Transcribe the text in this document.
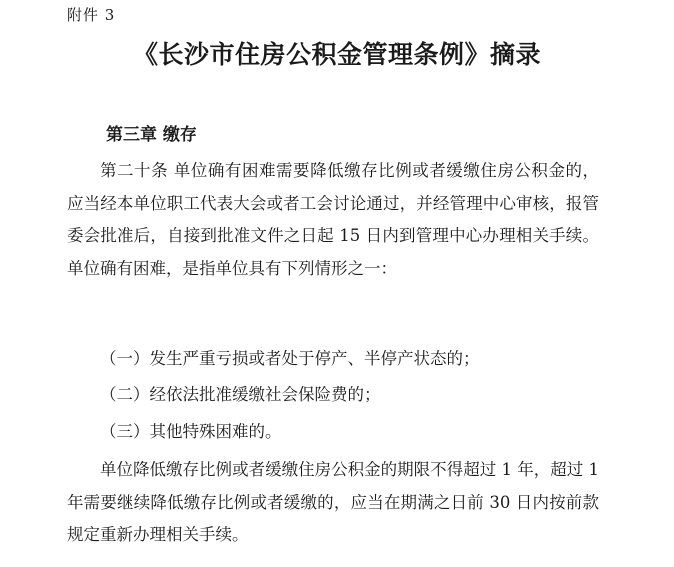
附件 3
《长沙市住房公积金管理条例》摘录
第三章 缴存

第二十条 单位确有困难需要降低缴存比例或者缓缴住房公积金的，应当经本单位职工代表大会或者工会讨论通过，并经管理中心审核，报管委会批准后，自接到批准文件之日起 15 日内到管理中心办理相关手续。单位确有困难，是指单位具有下列情形之一：

（一）发生严重亏损或者处于停产、半停产状态的；

（二）经依法批准缓缴社会保险费的；

（三）其他特殊困难的。

单位降低缴存比例或者缓缴住房公积金的期限不得超过 1 年，超过 1 年需要继续降低缴存比例或者缓缴的，应当在期满之日前 30 日内按前款规定重新办理相关手续。
